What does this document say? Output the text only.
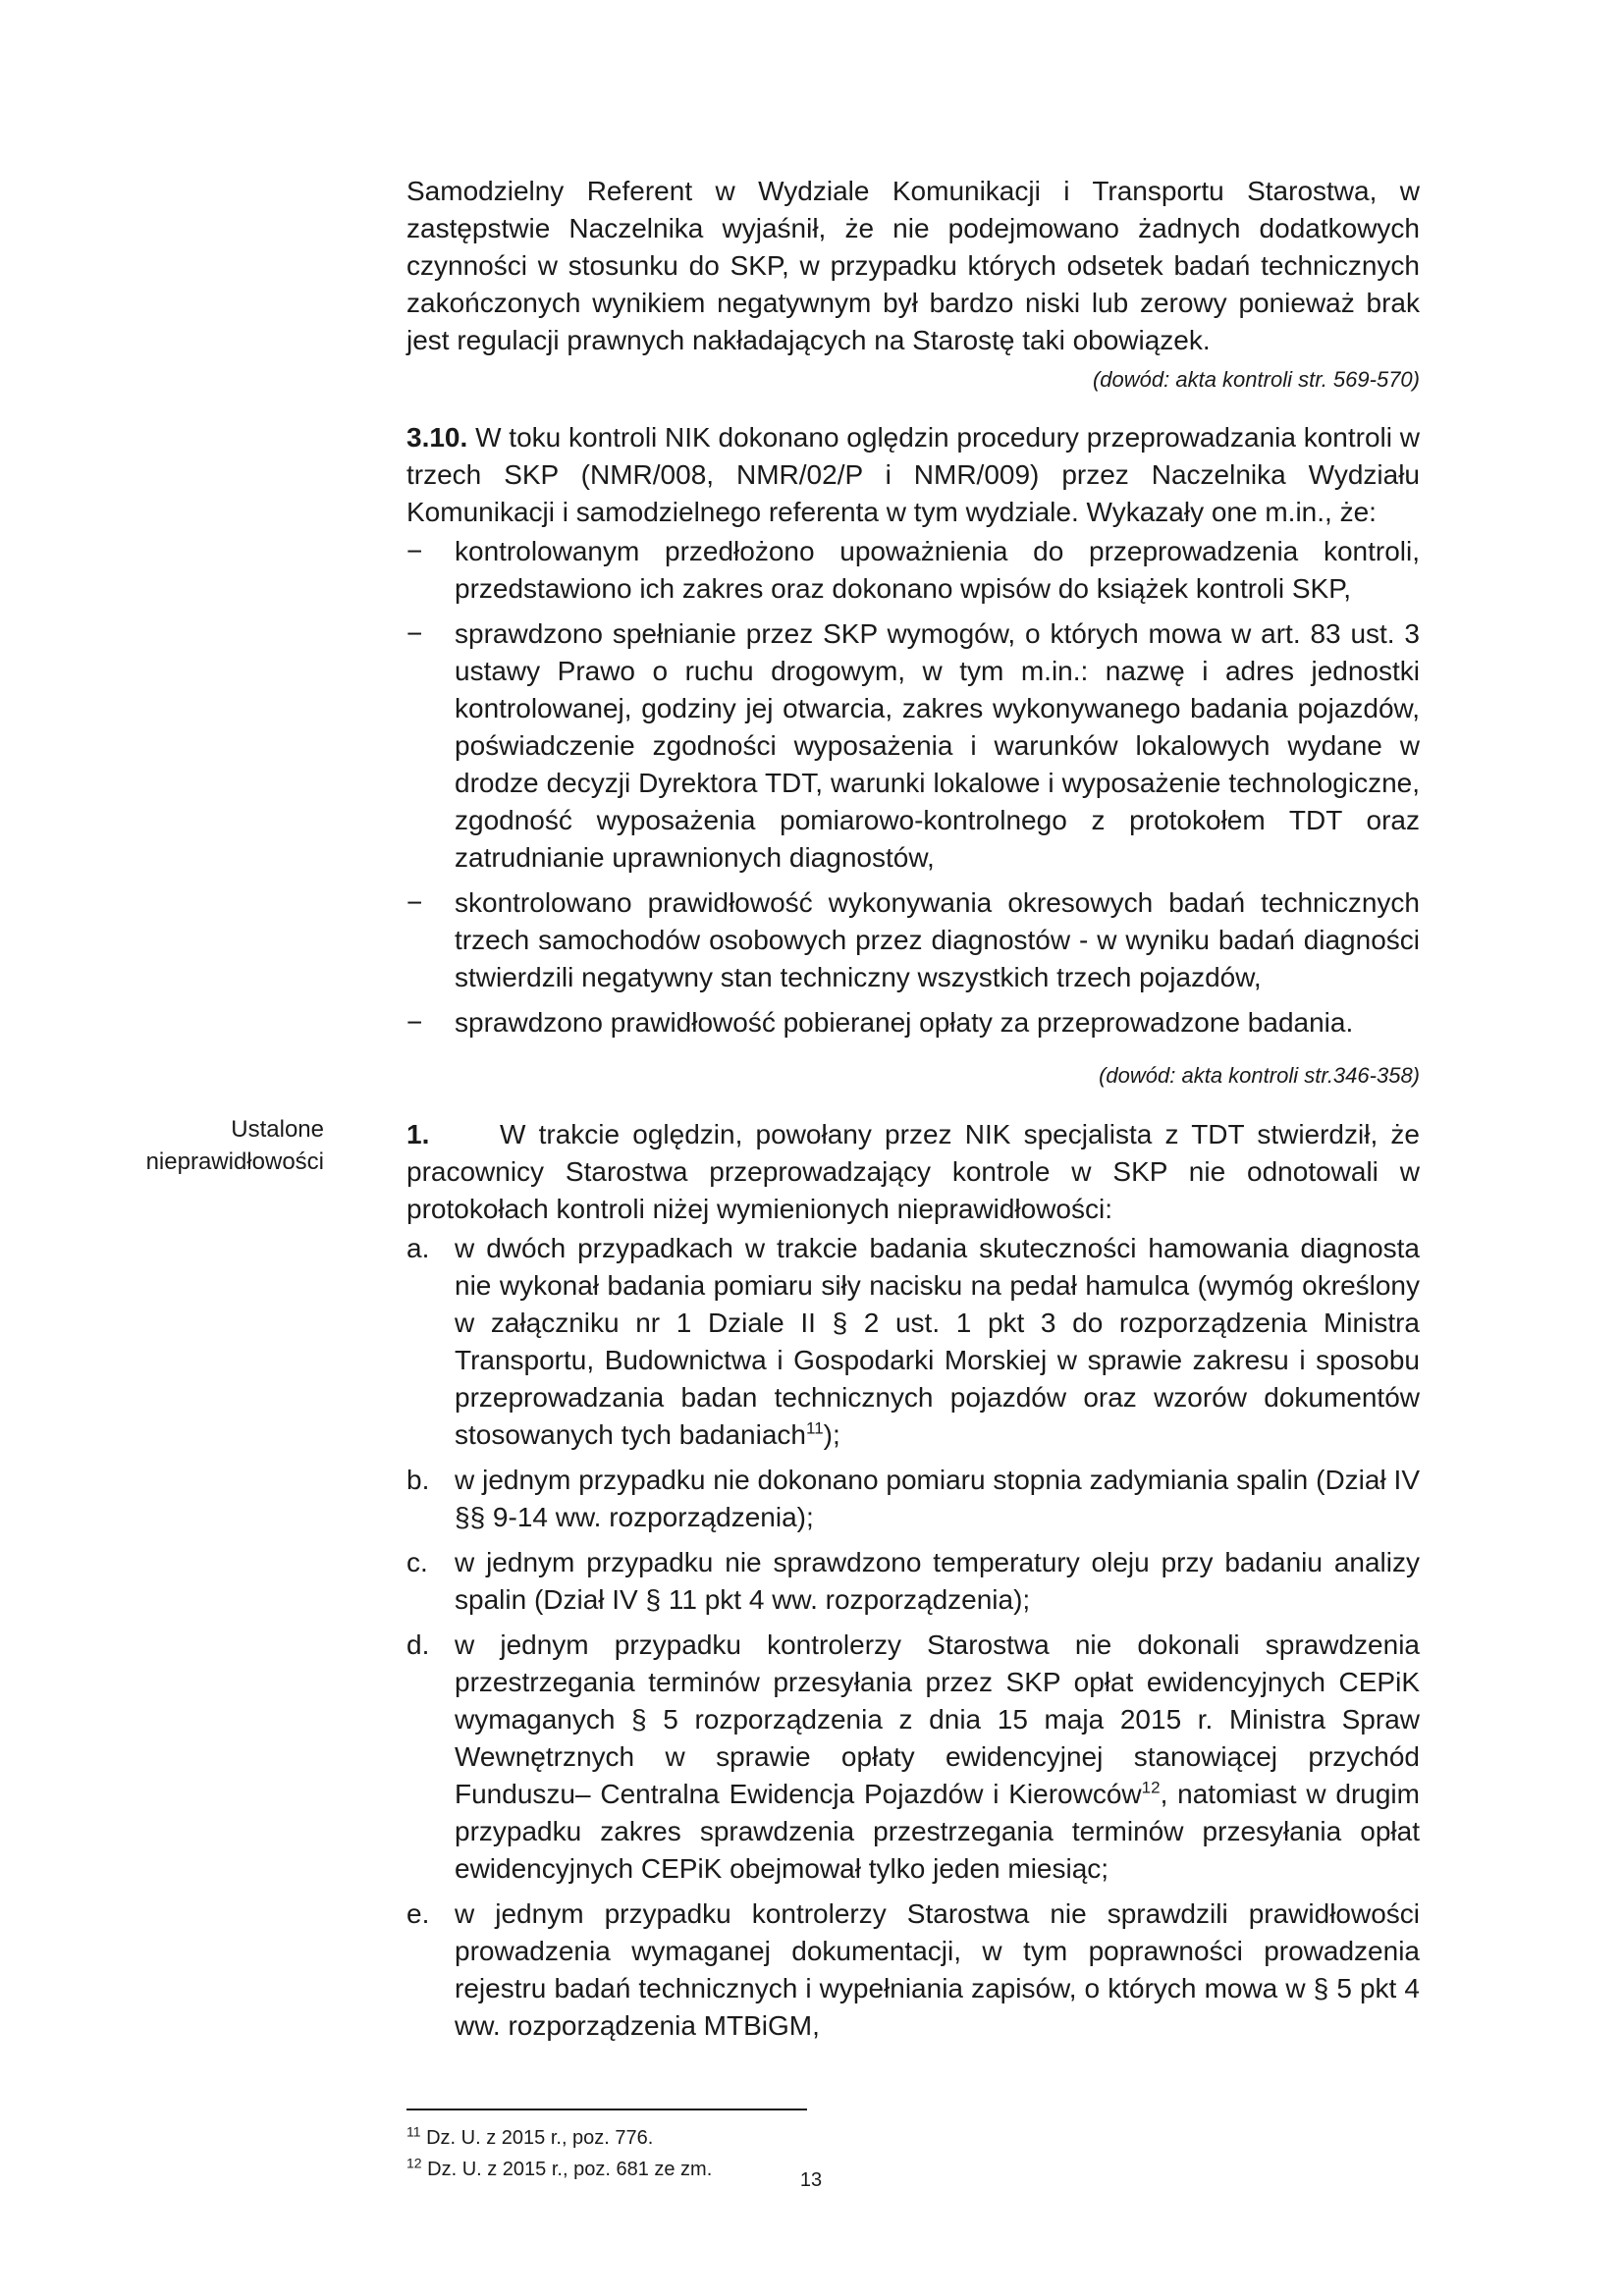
Samodzielny Referent w Wydziale Komunikacji i Transportu Starostwa, w zastępstwie Naczelnika wyjaśnił, że nie podejmowano żadnych dodatkowych czynności w stosunku do SKP, w przypadku których odsetek badań technicznych zakończonych wynikiem negatywnym był bardzo niski lub zerowy ponieważ brak jest regulacji prawnych nakładających na Starostę taki obowiązek.

(dowód: akta kontroli str. 569-570)

3.10. W toku kontroli NIK dokonano oględzin procedury przeprowadzania kontroli w trzech SKP (NMR/008, NMR/02/P i NMR/009) przez Naczelnika Wydziału Komunikacji i samodzielnego referenta w tym wydziale. Wykazały one m.in., że:

− kontrolowanym przedłożono upoważnienia do przeprowadzenia kontroli, przedstawiono ich zakres oraz dokonano wpisów do książek kontroli SKP,
− sprawdzono spełnianie przez SKP wymogów, o których mowa w art. 83 ust. 3 ustawy Prawo o ruchu drogowym, w tym m.in.: nazwę i adres jednostki kontrolowanej, godziny jej otwarcia, zakres wykonywanego badania pojazdów, poświadczenie zgodności wyposażenia i warunków lokalowych wydane w drodze decyzji Dyrektora TDT, warunki lokalowe i wyposażenie technologiczne, zgodność wyposażenia pomiarowo-kontrolnego z protokołem TDT oraz zatrudnianie uprawnionych diagnostów,
− skontrolowano prawidłowość wykonywania okresowych badań technicznych trzech samochodów osobowych przez diagnostów - w wyniku badań diagności stwierdzili negatywny stan techniczny wszystkich trzech pojazdów,
− sprawdzono prawidłowość pobieranej opłaty za przeprowadzone badania.
(dowód: akta kontroli str.346-358)
Ustalone
nieprawidłowości

1.	W trakcie oględzin, powołany przez NIK specjalista z TDT stwierdził, że pracownicy Starostwa przeprowadzający kontrole w SKP nie odnotowali w protokołach kontroli niżej wymienionych nieprawidłowości:

a. w dwóch przypadkach w trakcie badania skuteczności hamowania diagnosta nie wykonał badania pomiaru siły nacisku na pedał hamulca (wymóg określony w załączniku nr 1 Dziale II § 2 ust. 1 pkt 3 do rozporządzenia Ministra Transportu, Budownictwa i Gospodarki Morskiej w sprawie zakresu i sposobu przeprowadzania badan technicznych pojazdów oraz wzorów dokumentów stosowanych tych badaniach$^{11}$);
b. w jednym przypadku nie dokonano pomiaru stopnia zadymiania spalin (Dział IV §§ 9-14 ww. rozporządzenia);
c. w jednym przypadku nie sprawdzono temperatury oleju przy badaniu analizy spalin (Dział IV § 11 pkt 4 ww. rozporządzenia);
d. w jednym przypadku kontrolerzy Starostwa nie dokonali sprawdzenia przestrzegania terminów przesyłania przez SKP opłat ewidencyjnych CEPiK wymaganych § 5 rozporządzenia z dnia 15 maja 2015 r. Ministra Spraw Wewnętrznych w sprawie opłaty ewidencyjnej stanowiącej przychód Funduszu– Centralna Ewidencja Pojazdów i Kierowców$^{12}$, natomiast w drugim przypadku zakres sprawdzenia przestrzegania terminów przesyłania opłat ewidencyjnych CEPiK obejmował tylko jeden miesiąc;
e. w jednym przypadku kontrolerzy Starostwa nie sprawdzili prawidłowości prowadzenia wymaganej dokumentacji, w tym poprawności prowadzenia rejestru badań technicznych i wypełniania zapisów, o których mowa w § 5 pkt 4 ww. rozporządzenia MTBiGM,
$^{11}$ Dz. U. z 2015 r., poz. 776.
$^{12}$ Dz. U. z 2015 r., poz. 681 ze zm.	13
